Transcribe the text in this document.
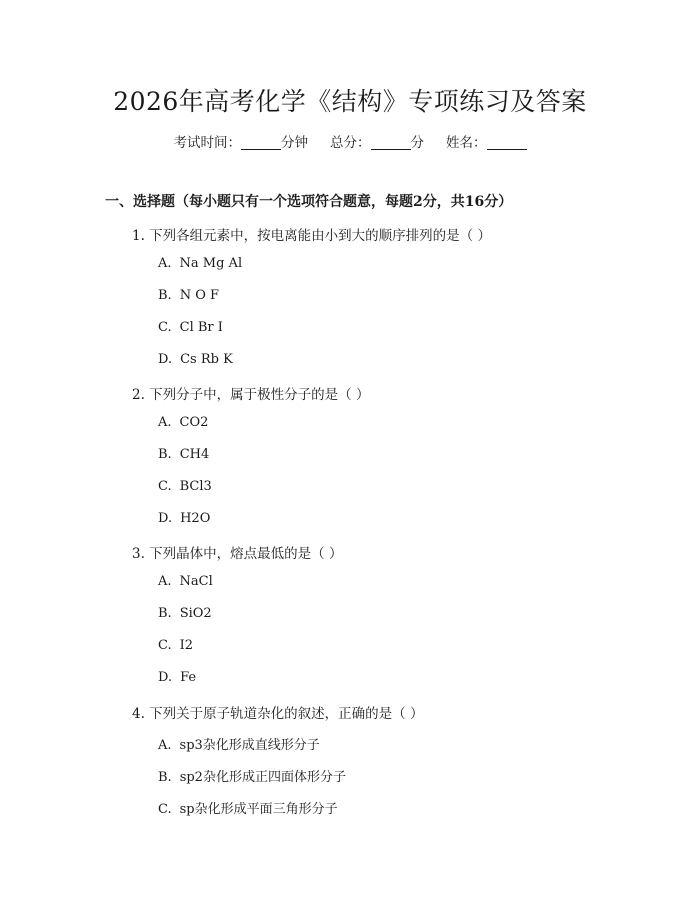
2026年高考化学《结构》专项练习及答案
考试时间：	分钟 总分：	分 姓名：
一、选择题（每小题只有一个选项符合题意，每题2分，共16分）
1. 下列各组元素中，按电离能由小到大的顺序排列的是（ ）
A. Na Mg Al
B. N O F
C. Cl Br I
D. Cs Rb K
2. 下列分子中，属于极性分子的是（ ）
A. CO2
B. CH4
C. BCl3
D. H2O
3. 下列晶体中，熔点最低的是（ ）
A. NaCl
B. SiO2
C. I2
D. Fe
4. 下列关于原子轨道杂化的叙述，正确的是（ ）
A. sp3杂化形成直线形分子
B. sp2杂化形成正四面体形分子
C. sp杂化形成平面三角形分子
